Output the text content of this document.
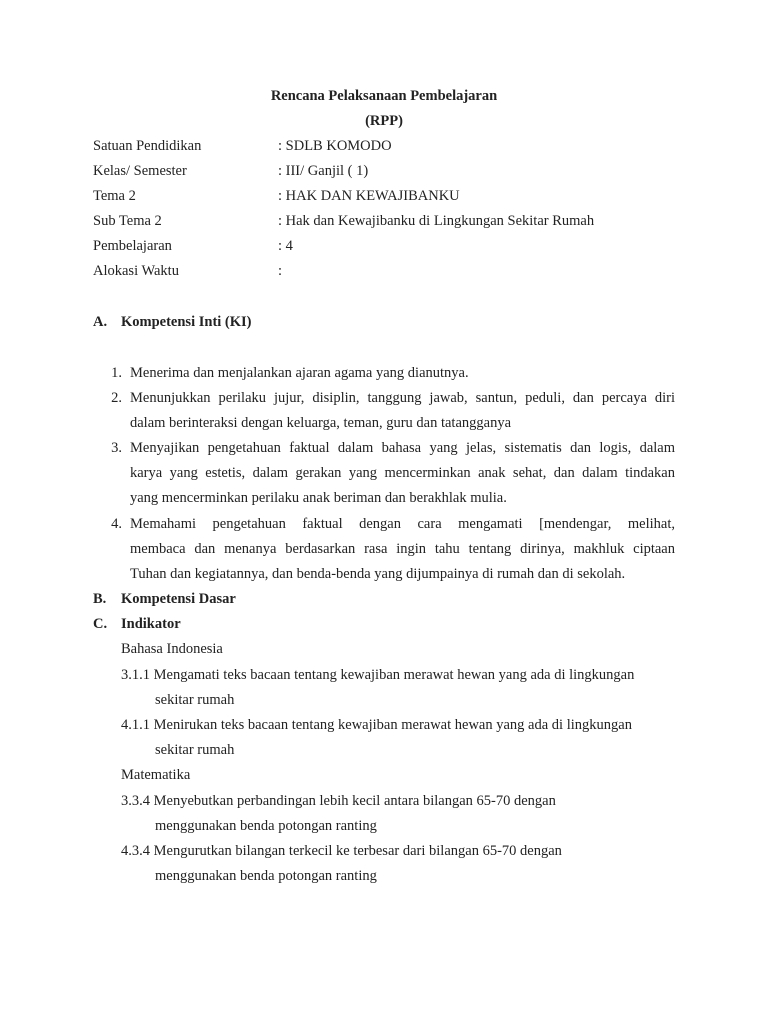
Rencana Pelaksanaan Pembelajaran
(RPP)
Satuan Pendidikan	: SDLB KOMODO
Kelas/ Semester	: III/ Ganjil ( 1)
Tema 2	: HAK DAN KEWAJIBANKU
Sub Tema 2	: Hak dan Kewajibanku di Lingkungan Sekitar Rumah
Pembelajaran	: 4
Alokasi Waktu	:
A. Kompetensi Inti (KI)
1. Menerima dan menjalankan ajaran agama yang dianutnya.
2. Menunjukkan perilaku jujur, disiplin, tanggung jawab, santun, peduli, dan percaya diri
dalam berinteraksi dengan keluarga, teman, guru dan tatangganya
3. Menyajikan pengetahuan faktual dalam bahasa yang jelas, sistematis dan logis, dalam
karya yang estetis, dalam gerakan yang mencerminkan anak sehat, dan dalam tindakan
yang mencerminkan perilaku anak beriman dan berakhlak mulia.
4. Memahami pengetahuan faktual dengan cara mengamati [mendengar, melihat,
membaca dan menanya berdasarkan rasa ingin tahu tentang dirinya, makhluk ciptaan
Tuhan dan kegiatannya, dan benda-benda yang dijumpainya di rumah dan di sekolah.
B. Kompetensi Dasar
C. Indikator
Bahasa Indonesia
3.1.1 Mengamati teks bacaan tentang kewajiban merawat hewan yang ada di lingkungan
sekitar rumah
4.1.1 Menirukan teks bacaan tentang kewajiban merawat hewan yang ada di lingkungan
sekitar rumah
Matematika
3.3.4 Menyebutkan perbandingan lebih kecil antara bilangan 65-70 dengan
menggunakan benda potongan ranting
4.3.4 Mengurutkan bilangan terkecil ke terbesar dari bilangan 65-70 dengan
menggunakan benda potongan ranting
